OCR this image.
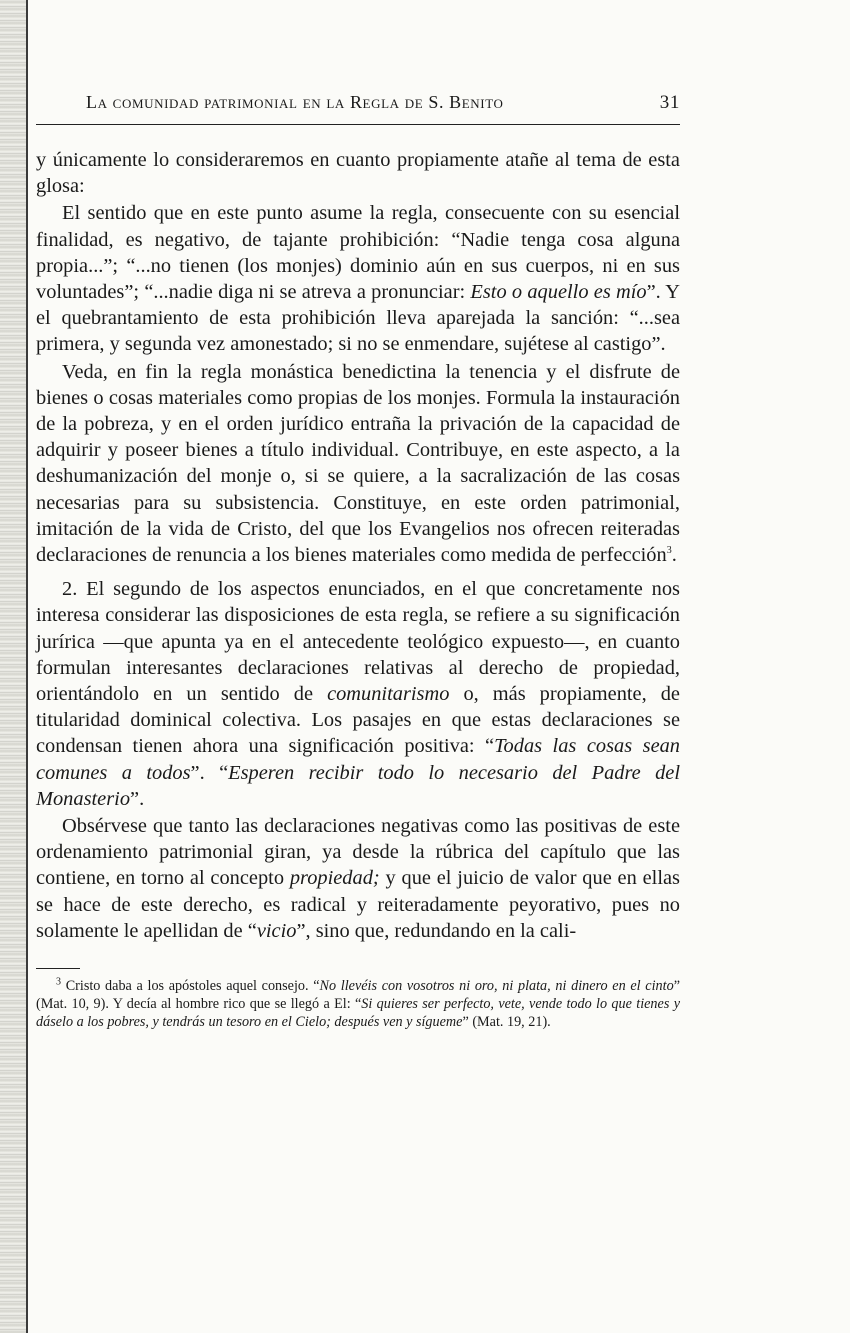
La comunidad patrimonial en la Regla de S. Benito	31

y únicamente lo consideraremos en cuanto propiamente atañe al tema de esta glosa:

El sentido que en este punto asume la regla, consecuente con su esencial finalidad, es negativo, de tajante prohibición: “Nadie tenga cosa alguna propia...”; “...no tienen (los monjes) dominio aún en sus cuerpos, ni en sus voluntades”; “...nadie diga ni se atreva a pronunciar: Esto o aquello es mío”. Y el quebrantamiento de esta prohibición lleva aparejada la sanción: “...sea primera, y segunda vez amonestado; si no se enmendare, sujétese al castigo”.

Veda, en fin la regla monástica benedictina la tenencia y el disfrute de bienes o cosas materiales como propias de los monjes. Formula la instauración de la pobreza, y en el orden jurídico entraña la privación de la capacidad de adquirir y poseer bienes a título individual. Contribuye, en este aspecto, a la deshumanización del monje o, si se quiere, a la sacralización de las cosas necesarias para su subsistencia. Constituye, en este orden patrimonial, imitación de la vida de Cristo, del que los Evangelios nos ofrecen reiteradas declaraciones de renuncia a los bienes materiales como medida de perfección$^3$.

2. El segundo de los aspectos enunciados, en el que concretamente nos interesa considerar las disposiciones de esta regla, se refiere a su significación jurírica —que apunta ya en el antecedente teológico expuesto—, en cuanto formulan interesantes declaraciones relativas al derecho de propiedad, orientándolo en un sentido de comunitarismo o, más propiamente, de titularidad dominical colectiva. Los pasajes en que estas declaraciones se condensan tienen ahora una significación positiva: “Todas las cosas sean comunes a todos”. “Esperen recibir todo lo necesario del Padre del Monasterio”.

Obsérvese que tanto las declaraciones negativas como las positivas de este ordenamiento patrimonial giran, ya desde la rúbrica del capítulo que las contiene, en torno al concepto propiedad; y que el juicio de valor que en ellas se hace de este derecho, es radical y reiteradamente peyorativo, pues no solamente le apellidan de “vicio”, sino que, redundando en la cali-

$^3$ Cristo daba a los apóstoles aquel consejo. “No llevéis con vosotros ni oro, ni plata, ni dinero en el cinto” (Mat. 10, 9). Y decía al hombre rico que se llegó a El: “Si quieres ser perfecto, vete, vende todo lo que tienes y dáselo a los pobres, y tendrás un tesoro en el Cielo; después ven y sígueme” (Mat. 19, 21).
